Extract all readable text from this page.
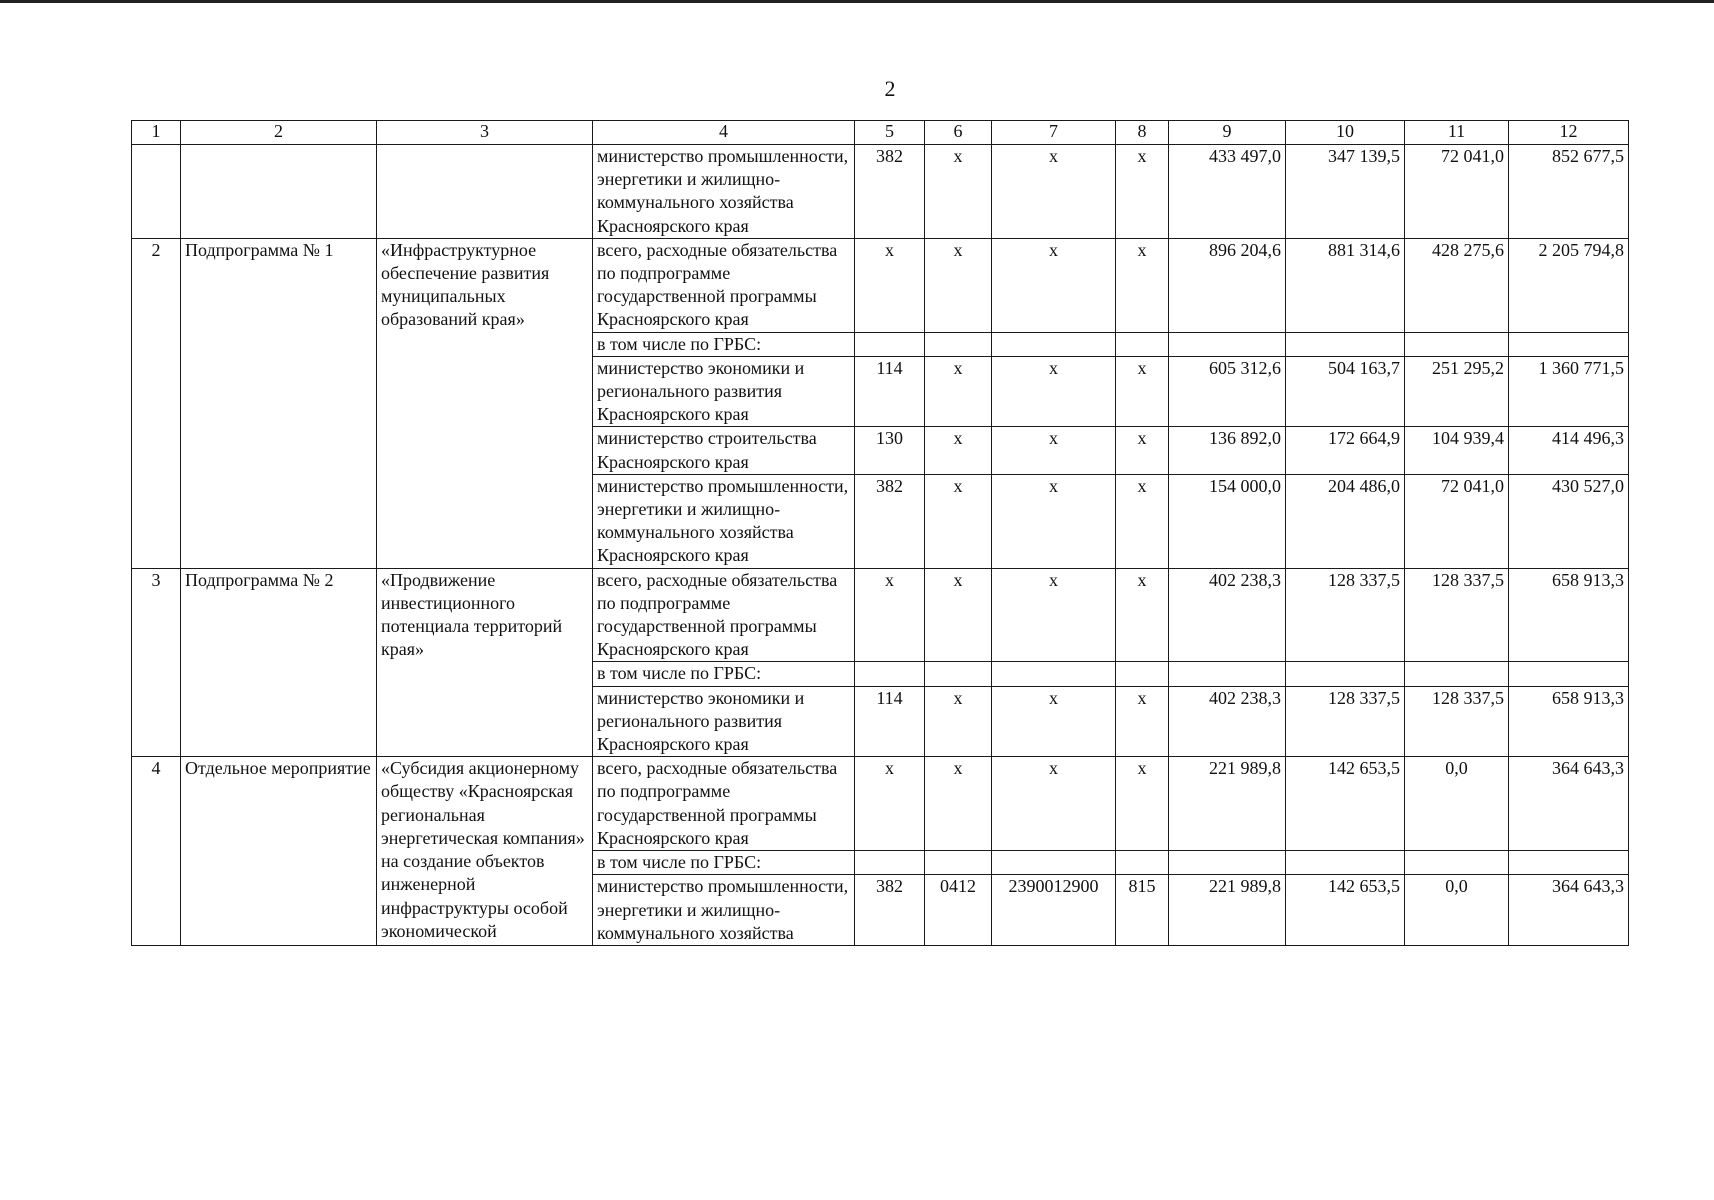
2
1	2	3	4	5	6	7	8	9	10	11	12
			министерство промышленности, энергетики и жилищно-коммунального хозяйства Красноярского края	382	х	х	х	433 497,0	347 139,5	72 041,0	852 677,5
2	Подпрограмма № 1	«Инфраструктурное обеспечение развития муниципальных образований края»	всего, расходные обязательства по подпрограмме государственной программы Красноярского края	х	х	х	х	896 204,6	881 314,6	428 275,6	2 205 794,8
			в том числе по ГРБС:								
			министерство экономики и регионального развития Красноярского края	114	х	х	х	605 312,6	504 163,7	251 295,2	1 360 771,5
			министерство строительства Красноярского края	130	х	х	х	136 892,0	172 664,9	104 939,4	414 496,3
			министерство промышленности, энергетики и жилищно-коммунального хозяйства Красноярского края	382	х	х	х	154 000,0	204 486,0	72 041,0	430 527,0
3	Подпрограмма № 2	«Продвижение инвестиционного потенциала территорий края»	всего, расходные обязательства по подпрограмме государственной программы Красноярского края	х	х	х	х	402 238,3	128 337,5	128 337,5	658 913,3
			в том числе по ГРБС:								
			министерство экономики и регионального развития Красноярского края	114	х	х	х	402 238,3	128 337,5	128 337,5	658 913,3
4	Отдельное мероприятие	«Субсидия акционерному обществу «Красноярская региональная энергетическая компания» на создание объектов инженерной инфраструктуры особой экономической	всего, расходные обязательства по подпрограмме государственной программы Красноярского края	х	х	х	х	221 989,8	142 653,5	0,0	364 643,3
			в том числе по ГРБС:								
			министерство промышленности, энергетики и жилищно-коммунального хозяйства	382	0412	2390012900	815	221 989,8	142 653,5	0,0	364 643,3
